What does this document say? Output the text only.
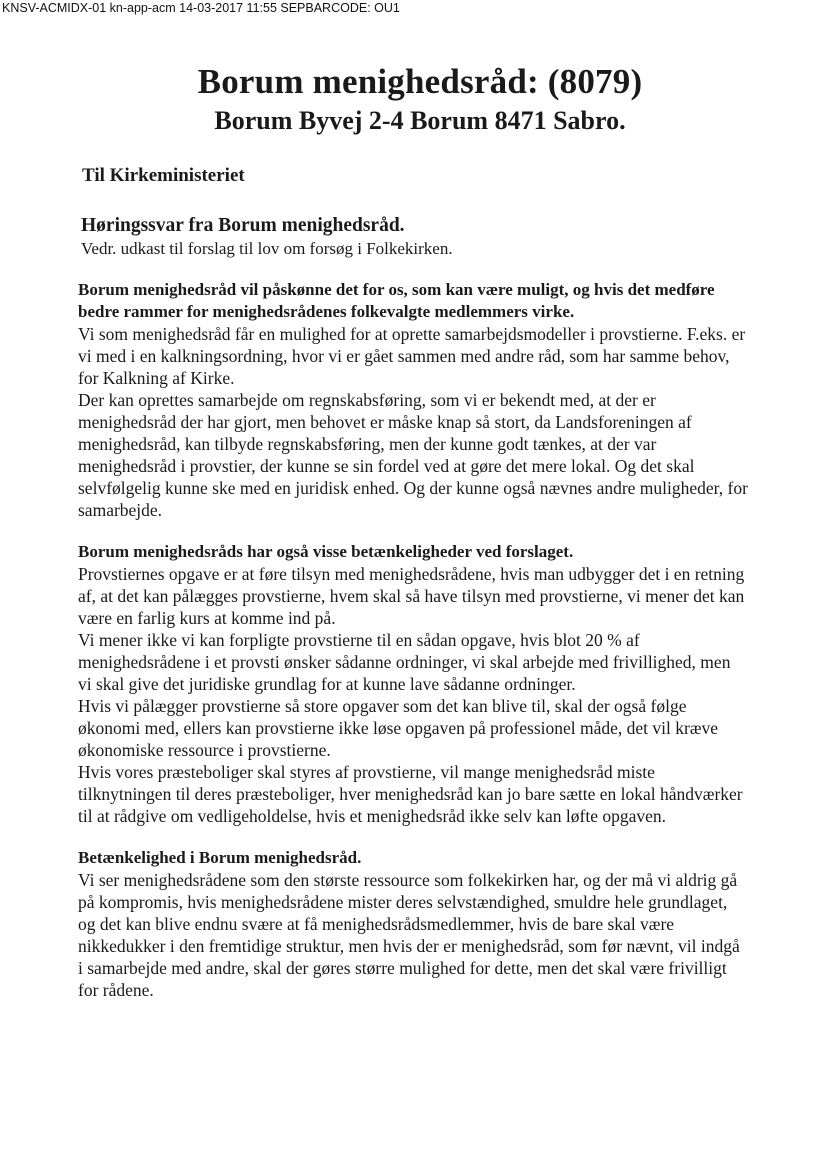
KNSV-ACMIDX-01 kn-app-acm 14-03-2017 11:55 SEPBARCODE: OU1
Borum menighedsråd: (8079)
Borum Byvej 2-4 Borum 8471 Sabro.
Til Kirkeministeriet
Høringssvar fra Borum menighedsråd.
Vedr. udkast til forslag til lov om forsøg i Folkekirken.

Borum menighedsråd vil påskønne det for os, som kan være muligt, og hvis det medføre bedre rammer for menighedsrådenes folkevalgte medlemmers virke.

Vi som menighedsråd får en mulighed for at oprette samarbejdsmodeller i provstierne. F.eks. er vi med i en kalkningsordning, hvor vi er gået sammen med andre råd, som har samme behov, for Kalkning af Kirke.

Der kan oprettes samarbejde om regnskabsføring, som vi er bekendt med, at der er menighedsråd der har gjort, men behovet er måske knap så stort, da Landsforeningen af menighedsråd, kan tilbyde regnskabsføring, men der kunne godt tænkes, at der var menighedsråd i provstier, der kunne se sin fordel ved at gøre det mere lokal. Og det skal selvfølgelig kunne ske med en juridisk enhed. Og der kunne også nævnes andre muligheder, for samarbejde.

Borum menighedsråds har også visse betænkeligheder ved forslaget.

Provstiernes opgave er at føre tilsyn med menighedsrådene, hvis man udbygger det i en retning af, at det kan pålægges provstierne, hvem skal så have tilsyn med provstierne, vi mener det kan være en farlig kurs at komme ind på.

Vi mener ikke vi kan forpligte provstierne til en sådan opgave, hvis blot 20 % af menighedsrådene i et provsti ønsker sådanne ordninger, vi skal arbejde med frivillighed, men vi skal give det juridiske grundlag for at kunne lave sådanne ordninger.

Hvis vi pålægger provstierne så store opgaver som det kan blive til, skal der også følge økonomi med, ellers kan provstierne ikke løse opgaven på professionel måde, det vil kræve økonomiske ressource i provstierne.

Hvis vores præsteboliger skal styres af provstierne, vil mange menighedsråd miste tilknytningen til deres præsteboliger, hver menighedsråd kan jo bare sætte en lokal håndværker til at rådgive om vedligeholdelse, hvis et menighedsråd ikke selv kan løfte opgaven.

Betænkelighed i Borum menighedsråd.

Vi ser menighedsrådene som den største ressource som folkekirken har, og der må vi aldrig gå på kompromis, hvis menighedsrådene mister deres selvstændighed, smuldre hele grundlaget, og det kan blive endnu svære at få menighedsrådsmedlemmer, hvis de bare skal være nikkedukker i den fremtidige struktur, men hvis der er menighedsråd, som før nævnt, vil indgå i samarbejde med andre, skal der gøres større mulighed for dette, men det skal være frivilligt for rådene.
